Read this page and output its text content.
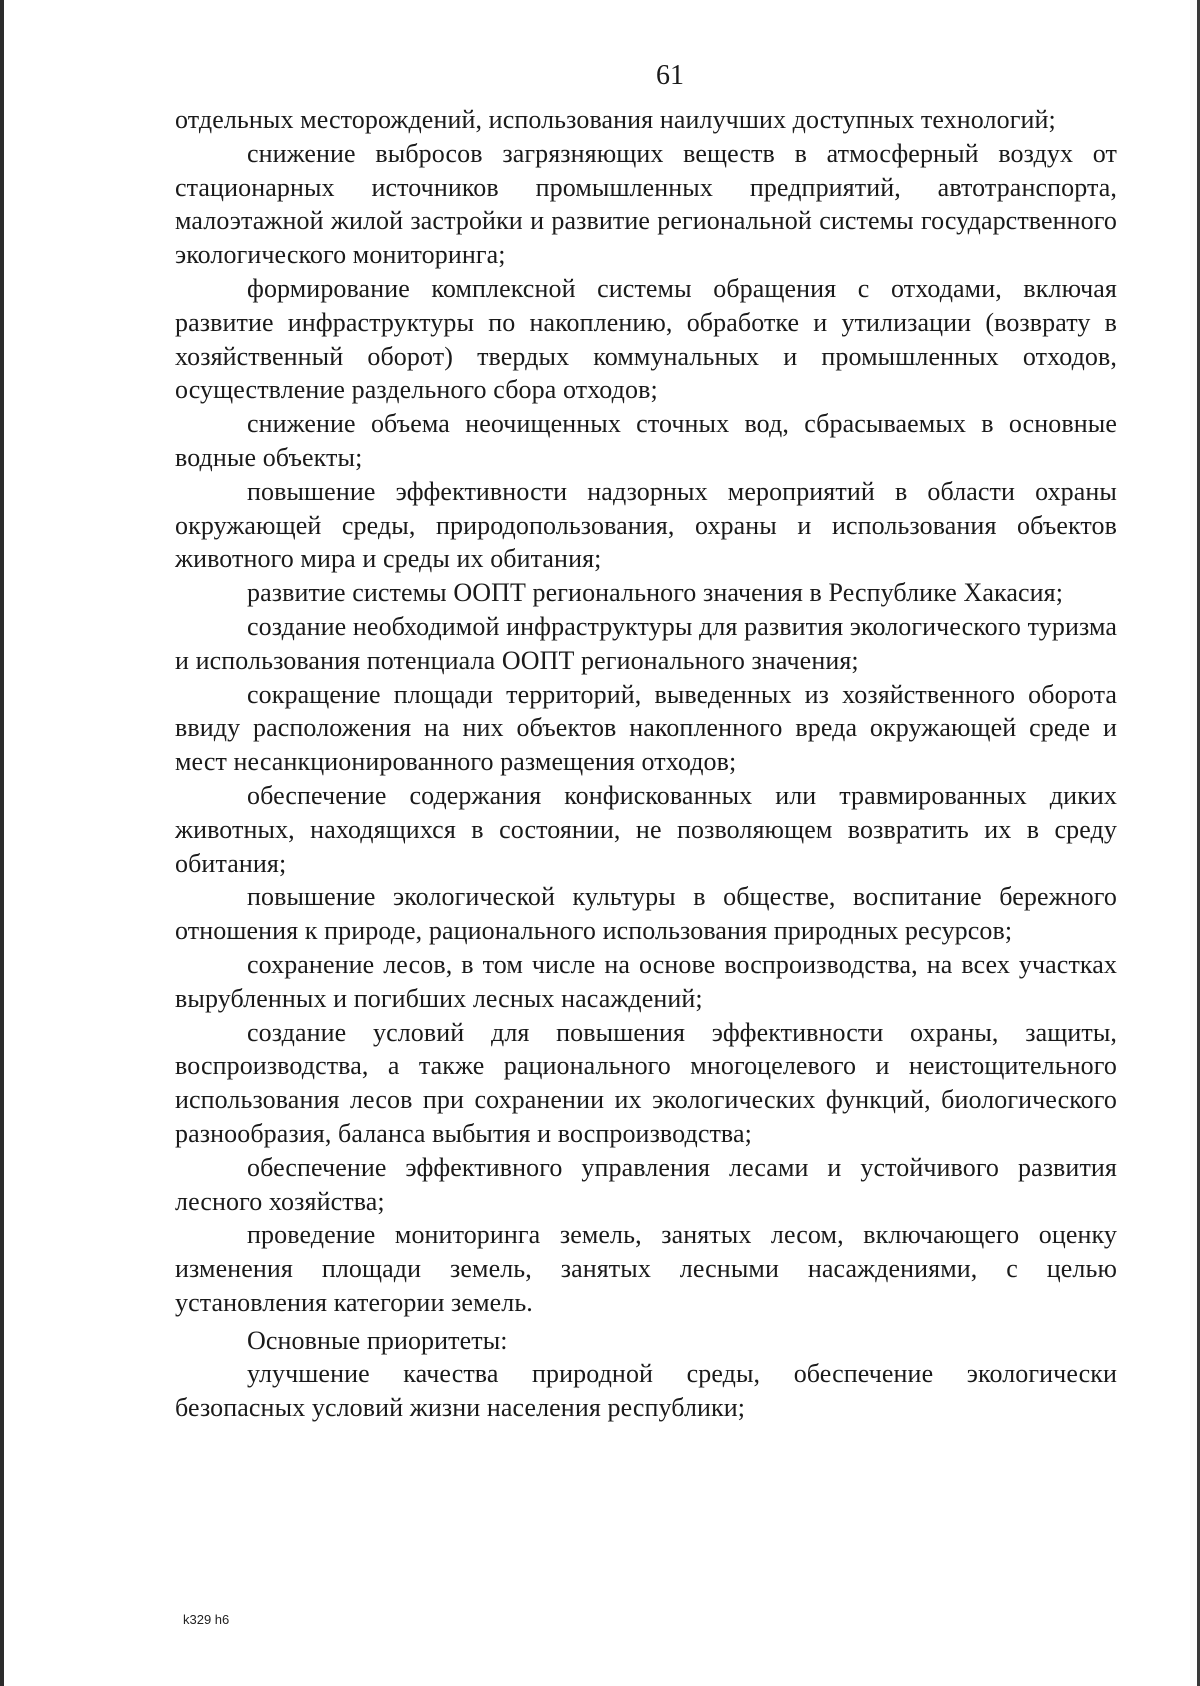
61

отдельных месторождений, использования наилучших доступных технологий;

снижение выбросов загрязняющих веществ в атмосферный воздух от стационарных источников промышленных предприятий, автотранспорта, малоэтажной жилой застройки и развитие региональной системы государственного экологического мониторинга;

формирование комплексной системы обращения с отходами, включая развитие инфраструктуры по накоплению, обработке и утилизации (возврату в хозяйственный оборот) твердых коммунальных и промышленных отходов, осуществление раздельного сбора отходов;

снижение объема неочищенных сточных вод, сбрасываемых в основные водные объекты;

повышение эффективности надзорных мероприятий в области охраны окружающей среды, природопользования, охраны и использования объектов животного мира и среды их обитания;

развитие системы ООПТ регионального значения в Республике Хакасия;

создание необходимой инфраструктуры для развития экологического туризма и использования потенциала ООПТ регионального значения;

сокращение площади территорий, выведенных из хозяйственного оборота ввиду расположения на них объектов накопленного вреда окружающей среде и мест несанкционированного размещения отходов;

обеспечение содержания конфискованных или травмированных диких животных, находящихся в состоянии, не позволяющем возвратить их в среду обитания;

повышение экологической культуры в обществе, воспитание бережного отношения к природе, рационального использования природных ресурсов;

сохранение лесов, в том числе на основе воспроизводства, на всех участках вырубленных и погибших лесных насаждений;

создание условий для повышения эффективности охраны, защиты, воспроизводства, а также рационального многоцелевого и неистощительного использования лесов при сохранении их экологических функций, биологического разнообразия, баланса выбытия и воспроизводства;

обеспечение эффективного управления лесами и устойчивого развития лесного хозяйства;

проведение мониторинга земель, занятых лесом, включающего оценку изменения площади земель, занятых лесными насаждениями, с целью установления категории земель.

Основные приоритеты:

улучшение качества природной среды, обеспечение экологически безопасных условий жизни населения республики;

k329 h6
